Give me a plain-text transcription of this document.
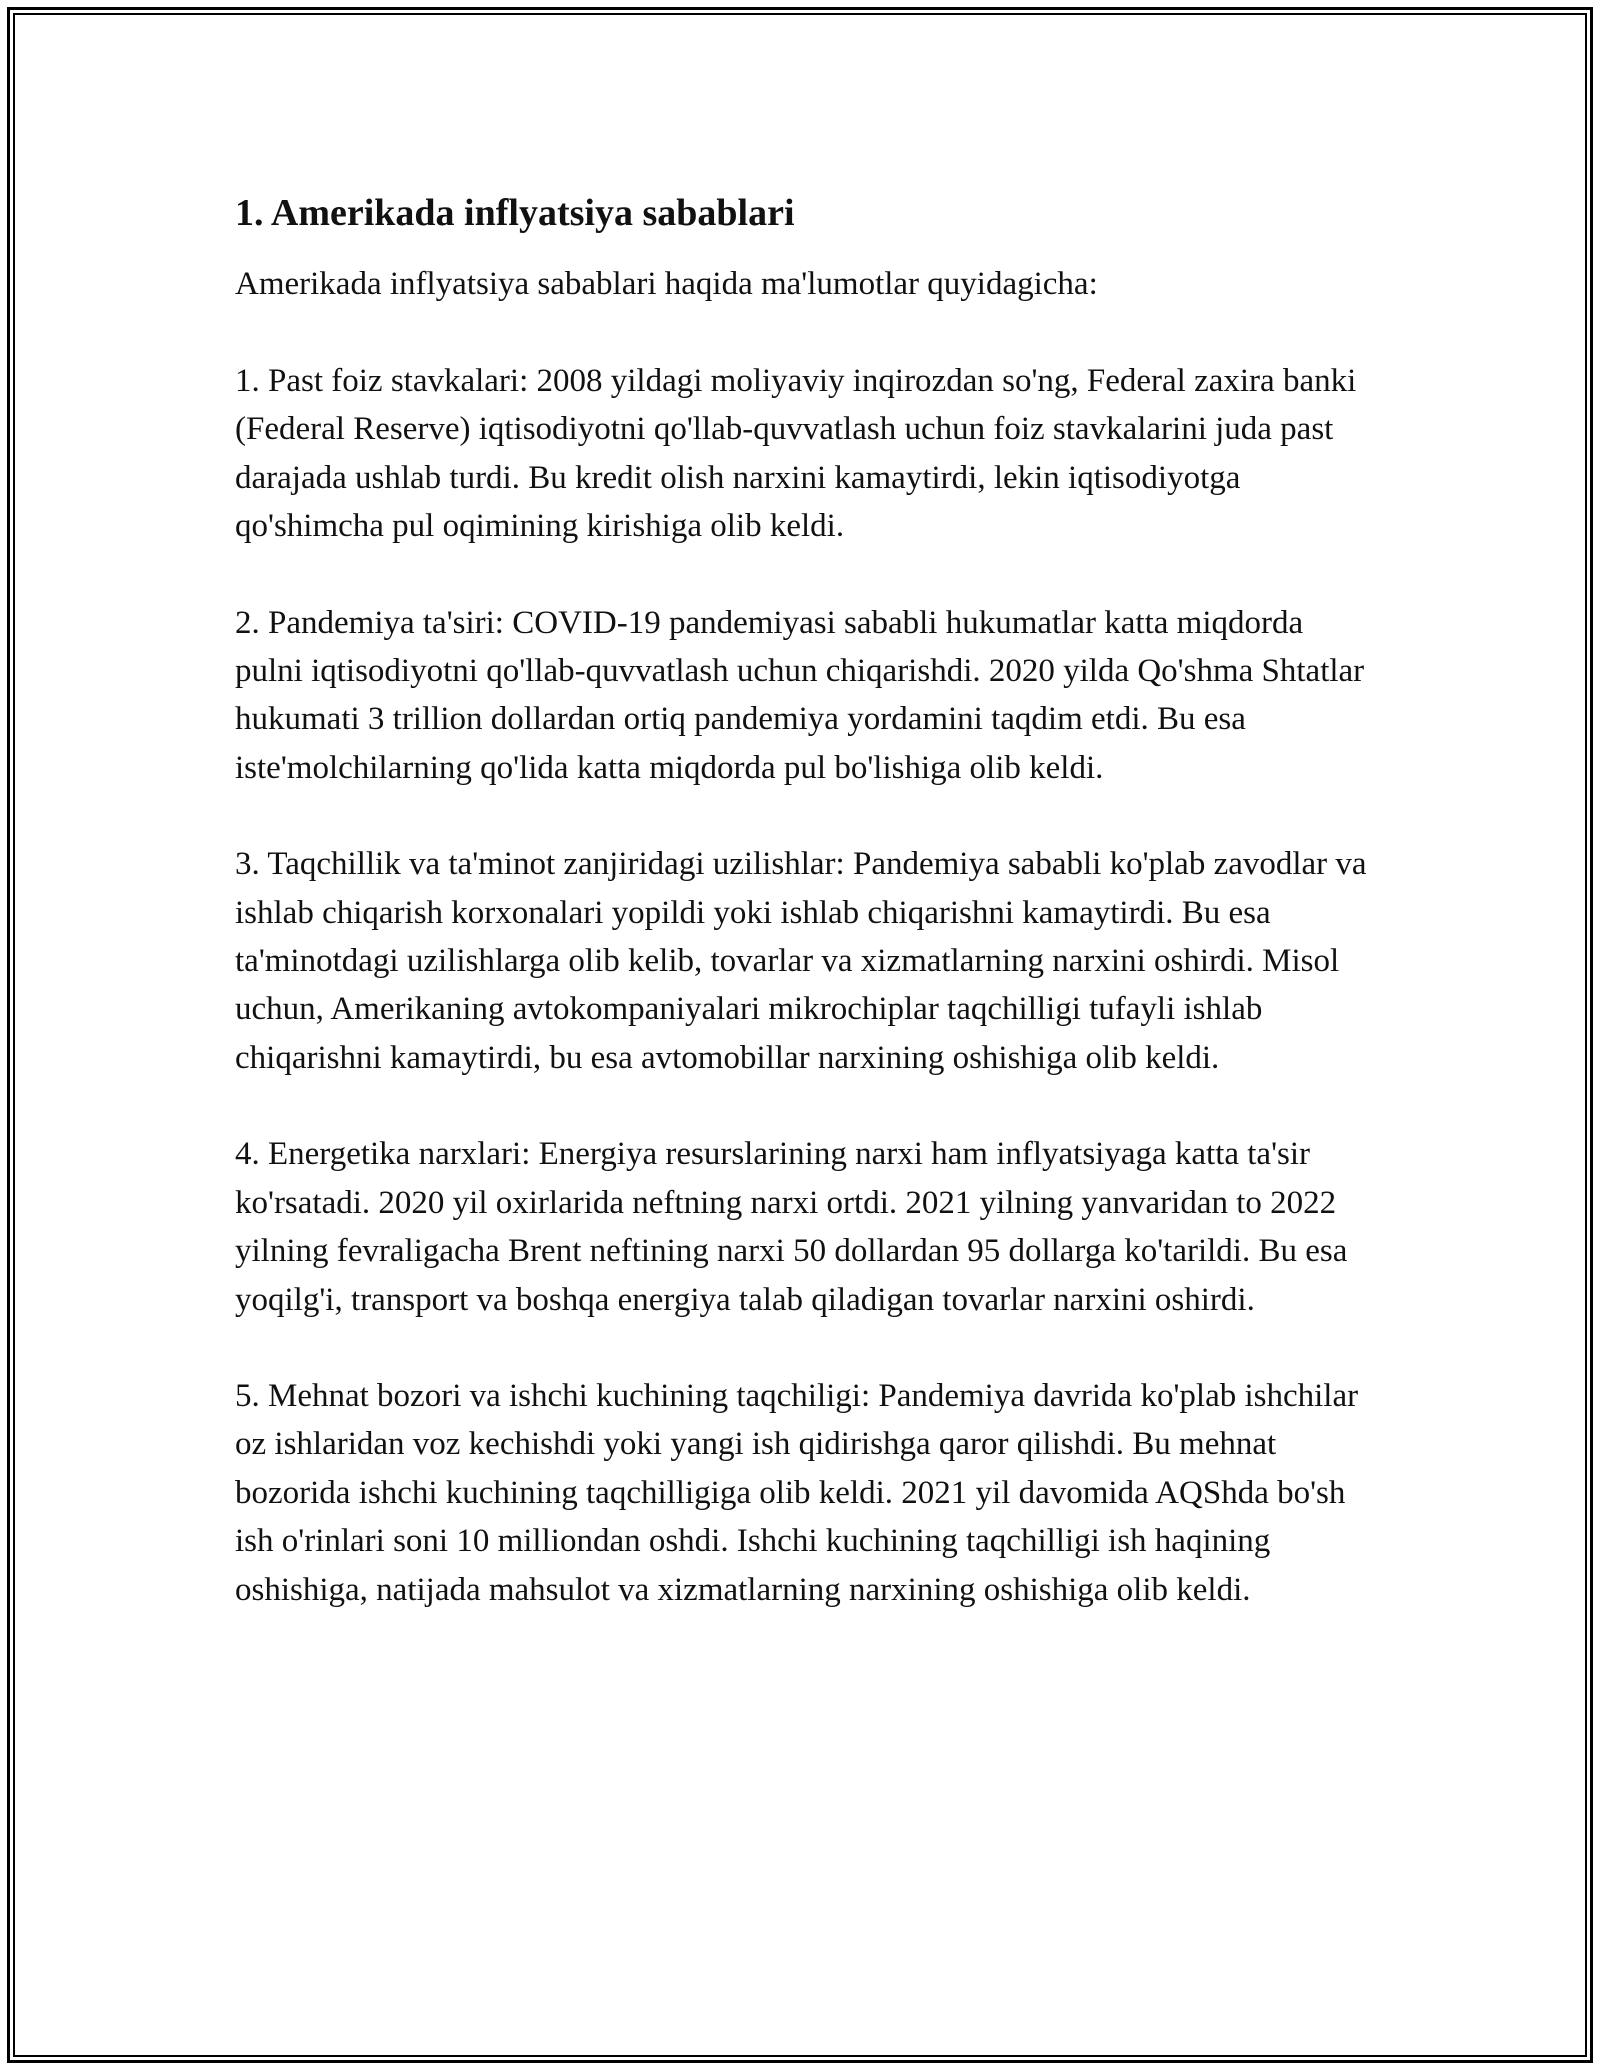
1. Amerikada inflyatsiya sabablari

Amerikada inflyatsiya sabablari haqida ma'lumotlar quyidagicha:

1. Past foiz stavkalari: 2008 yildagi moliyaviy inqirozdan so'ng, Federal zaxira banki (Federal Reserve) iqtisodiyotni qo'llab-quvvatlash uchun foiz stavkalarini juda past darajada ushlab turdi. Bu kredit olish narxini kamaytirdi, lekin iqtisodiyotga qo'shimcha pul oqimining kirishiga olib keldi.

2. Pandemiya ta'siri: COVID-19 pandemiyasi sababli hukumatlar katta miqdorda pulni iqtisodiyotni qo'llab-quvvatlash uchun chiqarishdi. 2020 yilda Qo'shma Shtatlar hukumati 3 trillion dollardan ortiq pandemiya yordamini taqdim etdi. Bu esa iste'molchilarning qo'lida katta miqdorda pul bo'lishiga olib keldi.

3. Taqchillik va ta'minot zanjiridagi uzilishlar: Pandemiya sababli ko'plab zavodlar va ishlab chiqarish korxonalari yopildi yoki ishlab chiqarishni kamaytirdi. Bu esa ta'minotdagi uzilishlarga olib kelib, tovarlar va xizmatlarning narxini oshirdi. Misol uchun, Amerikaning avtokompaniyalari mikrochiplar taqchilligi tufayli ishlab chiqarishni kamaytirdi, bu esa avtomobillar narxining oshishiga olib keldi.

4. Energetika narxlari: Energiya resurslarining narxi ham inflyatsiyaga katta ta'sir ko'rsatadi. 2020 yil oxirlarida neftning narxi ortdi. 2021 yilning yanvaridan to 2022 yilning fevraligacha Brent neftining narxi 50 dollardan 95 dollarga ko'tarildi. Bu esa yoqilg'i, transport va boshqa energiya talab qiladigan tovarlar narxini oshirdi.

5. Mehnat bozori va ishchi kuchining taqchiligi: Pandemiya davrida ko'plab ishchilar oz ishlaridan voz kechishdi yoki yangi ish qidirishga qaror qilishdi. Bu mehnat bozorida ishchi kuchining taqchilligiga olib keldi. 2021 yil davomida AQShda bo'sh ish o'rinlari soni 10 milliondan oshdi. Ishchi kuchining taqchilligi ish haqining oshishiga, natijada mahsulot va xizmatlarning narxining oshishiga olib keldi.
